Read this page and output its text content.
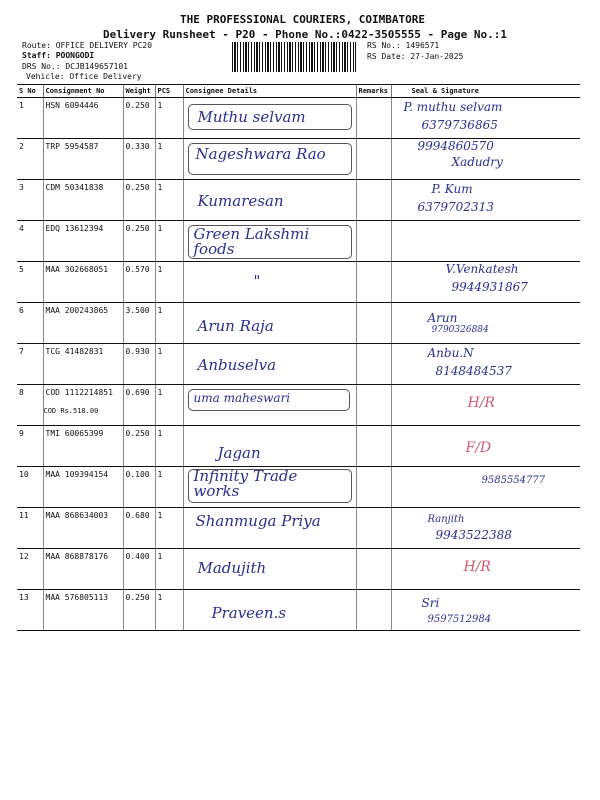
THE PROFESSIONAL COURIERS, COIMBATORE
Delivery Runsheet - P20 - Phone No.:0422-3505555 - Page No.:1
Route: OFFICE DELIVERY PC20
Staff: POONGODI
DRS No.: DCJB149657101
Vehicle: Office Delivery
RS No.: 1496571
RS Date: 27-Jan-2025
S No	Consignment No	Weight	PCS	Consignee Details	Remarks	Seal & Signature
1	HSN 6094446	0.250	1	Muthu selvam		P. muthu selvam
6379736865

2	TRP 5954587	0.330	1	Nageshwara Rao		9994860570
Xadudry

3	CDM 50341838	0.250	1	Kumaresan		P. Kum
6379702313

4	EDQ 13612394	0.250	1	Green Lakshmi foods		

5	MAA 302668051	0.570	1	"		V.Venkatesh
9944931867

6	MAA 200243865	3.500	1	Arun Raja		Arun
9790326884

7	TCG 41482831	0.930	1	Anbuselva		Anbu.N
8148484537

8	COD 1112214851
COD Rs.518.00	0.690	1	uma maheswari		H/R

9	TMI 60065399	0.250	1	Jagan		F/D

10	MAA 109394154	0.100	1	Infinity Trade works		9585554777

11	MAA 868634003	0.680	1	Shanmuga Priya		Ranjith
9943522388

12	MAA 868878176	0.400	1	Madujith		H/R

13	MAA 576805113	0.250	1	Praveen.s		Sri
9597512984
